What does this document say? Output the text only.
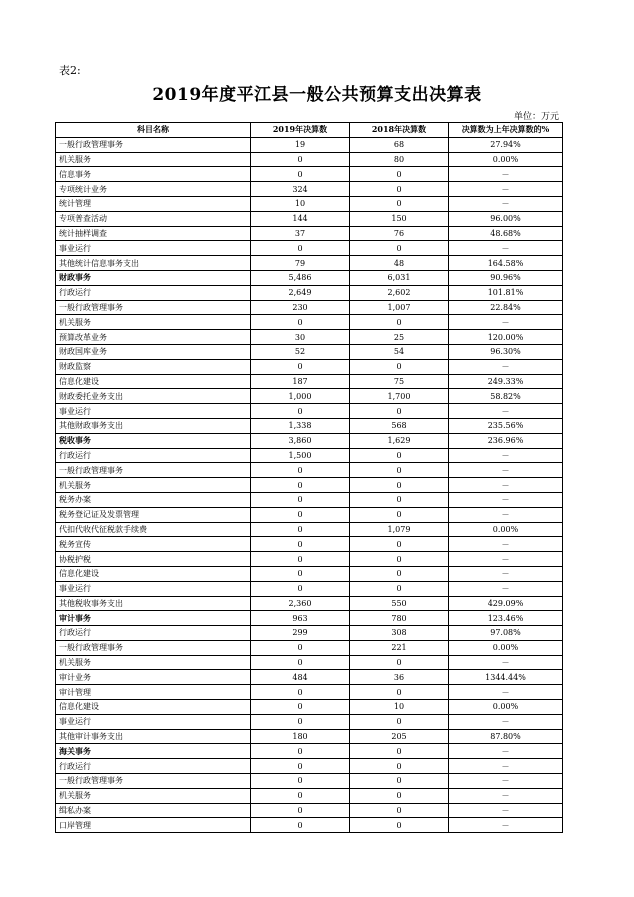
表2:
2019年度平江县一般公共预算支出决算表
单位：万元
科目名称	2019年决算数	2018年决算数	决算数为上年决算数的%
一般行政管理事务	19	68	27.94%
机关服务	0	80	0.00%
信息事务	0	0	－
专项统计业务	324	0	－
统计管理	10	0	－
专项普查活动	144	150	96.00%
统计抽样调查	37	76	48.68%
事业运行	0	0	－
其他统计信息事务支出	79	48	164.58%
财政事务	5,486	6,031	90.96%
行政运行	2,649	2,602	101.81%
一般行政管理事务	230	1,007	22.84%
机关服务	0	0	－
预算改革业务	30	25	120.00%
财政国库业务	52	54	96.30%
财政监察	0	0	－
信息化建设	187	75	249.33%
财政委托业务支出	1,000	1,700	58.82%
事业运行	0	0	－
其他财政事务支出	1,338	568	235.56%
税收事务	3,860	1,629	236.96%
行政运行	1,500	0	－
一般行政管理事务	0	0	－
机关服务	0	0	－
税务办案	0	0	－
税务登记证及发票管理	0	0	－
代扣代收代征税款手续费	0	1,079	0.00%
税务宣传	0	0	－
协税护税	0	0	－
信息化建设	0	0	－
事业运行	0	0	－
其他税收事务支出	2,360	550	429.09%
审计事务	963	780	123.46%
行政运行	299	308	97.08%
一般行政管理事务	0	221	0.00%
机关服务	0	0	－
审计业务	484	36	1344.44%
审计管理	0	0	－
信息化建设	0	10	0.00%
事业运行	0	0	－
其他审计事务支出	180	205	87.80%
海关事务	0	0	－
行政运行	0	0	－
一般行政管理事务	0	0	－
机关服务	0	0	－
缉私办案	0	0	－
口岸管理	0	0	－
